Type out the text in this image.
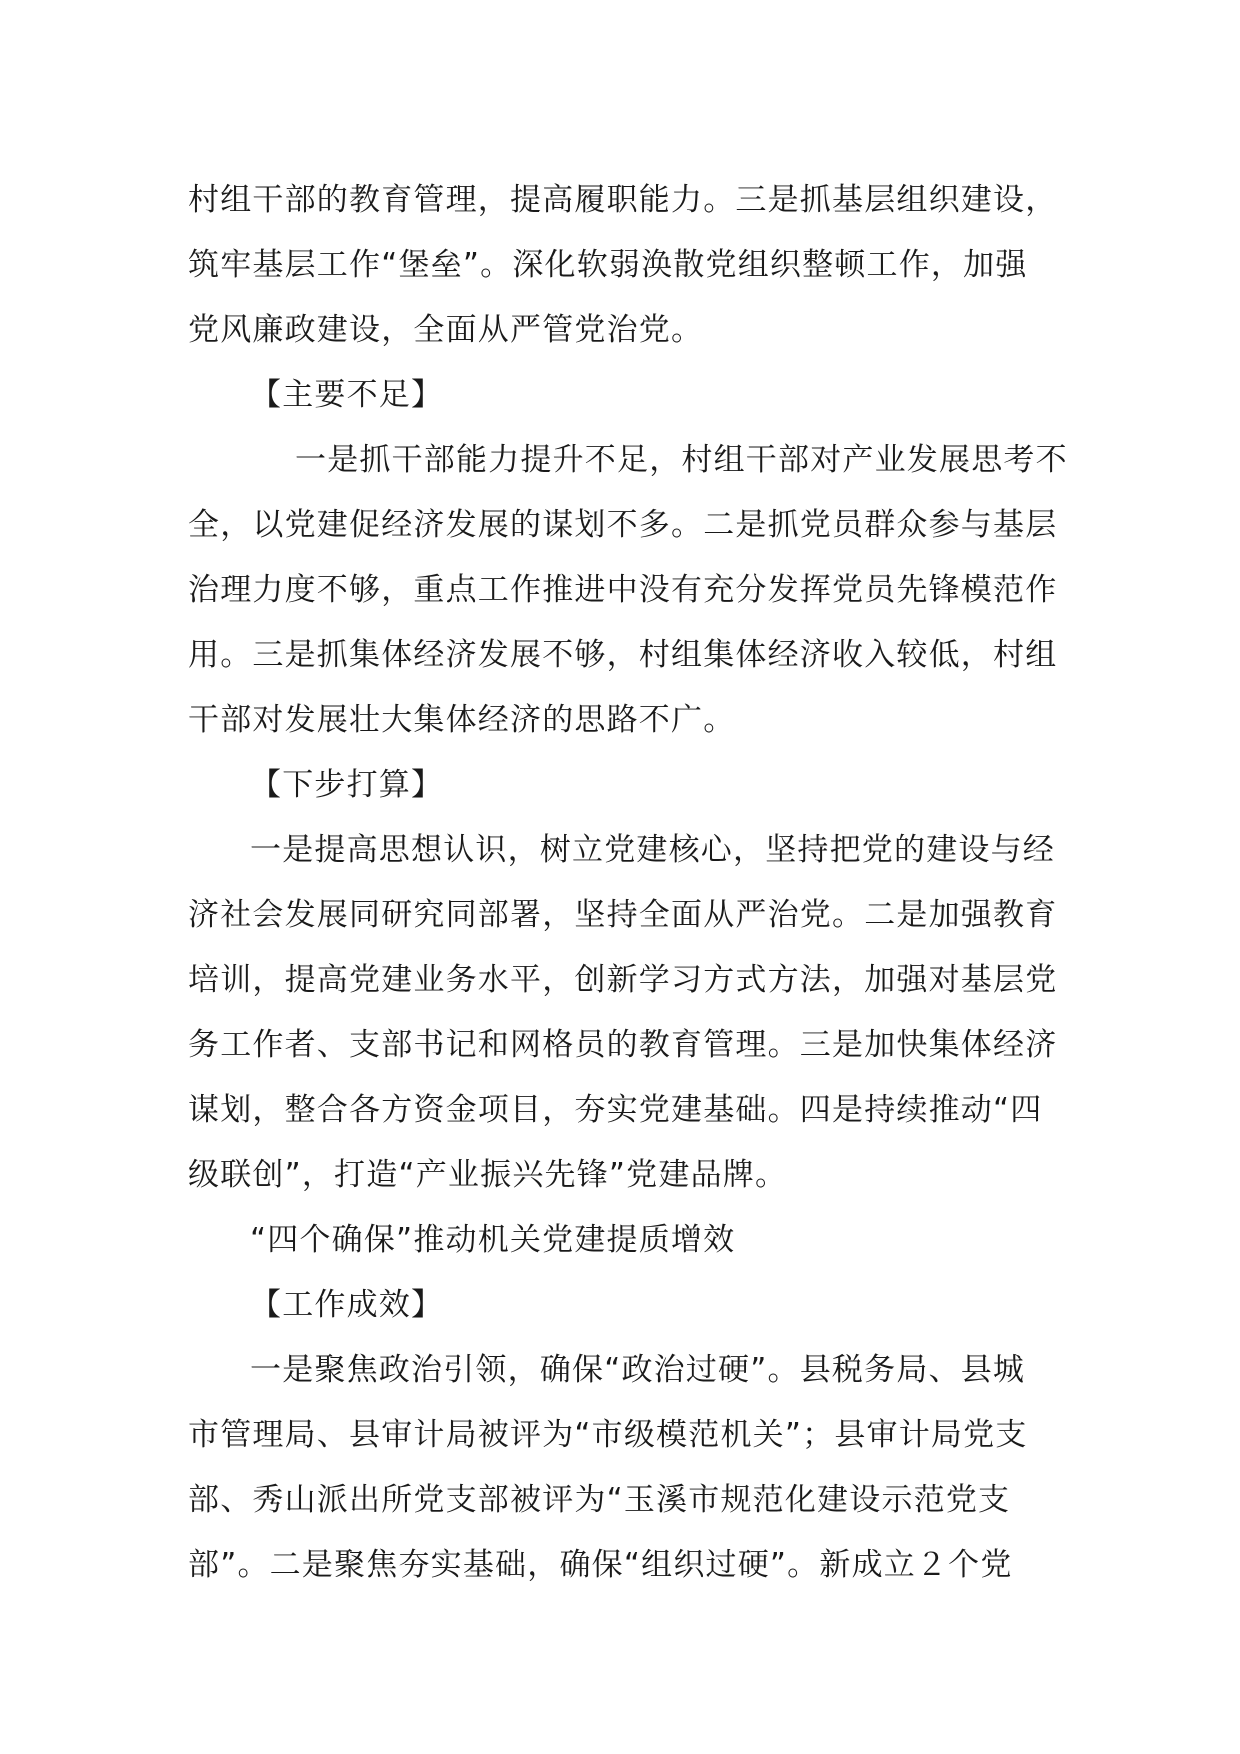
村组干部的教育管理，提高履职能力。三是抓基层组织建设，
筑牢基层工作“堡垒”。深化软弱涣散党组织整顿工作，加强
党风廉政建设，全面从严管党治党。
【主要不足】
一是抓干部能力提升不足，村组干部对产业发展思考不
全，以党建促经济发展的谋划不多。二是抓党员群众参与基层
治理力度不够，重点工作推进中没有充分发挥党员先锋模范作
用。三是抓集体经济发展不够，村组集体经济收入较低，村组
干部对发展壮大集体经济的思路不广。
【下步打算】
一是提高思想认识，树立党建核心，坚持把党的建设与经
济社会发展同研究同部署，坚持全面从严治党。二是加强教育
培训，提高党建业务水平，创新学习方式方法，加强对基层党
务工作者、支部书记和网格员的教育管理。三是加快集体经济
谋划，整合各方资金项目，夯实党建基础。四是持续推动“四
级联创”，打造“产业振兴先锋”党建品牌。
“四个确保”推动机关党建提质增效
【工作成效】
一是聚焦政治引领，确保“政治过硬”。县税务局、县城
市管理局、县审计局被评为“市级模范机关”；县审计局党支
部、秀山派出所党支部被评为“玉溪市规范化建设示范党支
部”。二是聚焦夯实基础，确保“组织过硬”。新成立２个党
